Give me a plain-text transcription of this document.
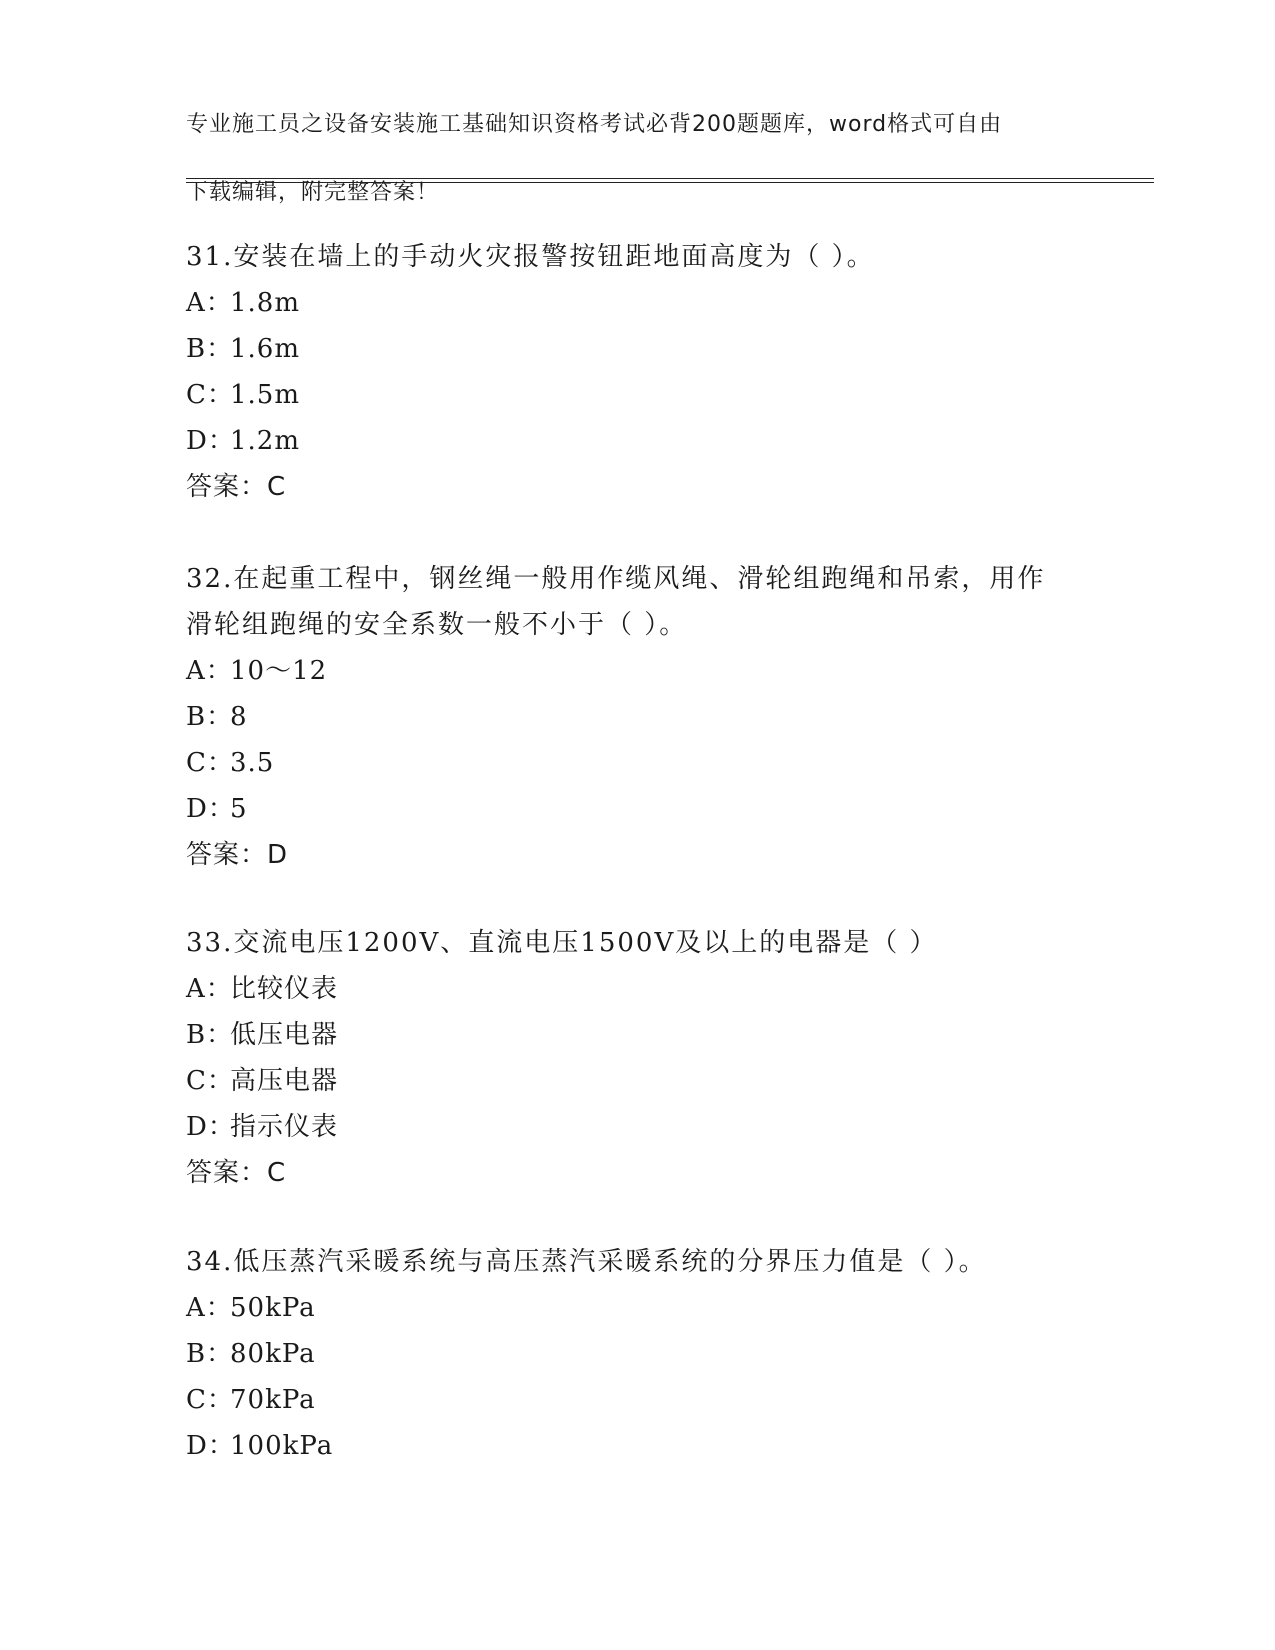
专业施工员之设备安装施工基础知识资格考试必背200题题库，word格式可自由

下载编辑，附完整答案！

31.安装在墙上的手动火灾报警按钮距地面高度为（ ）。
A：
1.8m
B：
1.6m
C：
1.5m
D：
1.2m
答案：C
32.在起重工程中，钢丝绳一般用作缆风绳、滑轮组跑绳和吊索，用作
滑轮组跑绳的安全系数一般不小于（ ）。
A：
10～12
B：
8
C：
3.5
D：
5
答案：D
33.交流电压1200V、直流电压1500V及以上的电器是（ ）
A：
比较仪表
B：
低压电器
C：
高压电器
D：
指示仪表
答案：C
34.低压蒸汽采暖系统与高压蒸汽采暖系统的分界压力值是（ ）。
A：
50kPa
B：
80kPa
C：
70kPa
D：
100kPa
